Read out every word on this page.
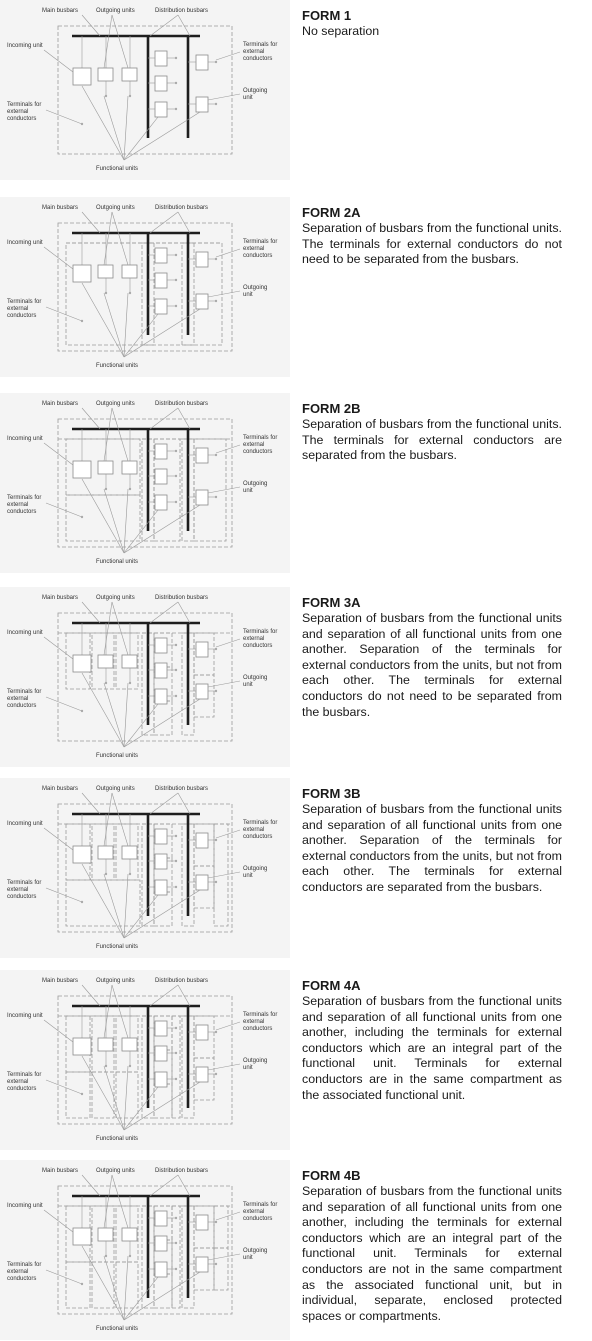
Main busbars	Outgoing units	Distribution busbars
Incoming unit	Terminals for
external
conductors
Outgoing
unit
Terminals for
external
conductors
Functional units

FORM 1

No separation

Main busbars	Outgoing units	Distribution busbars
Incoming unit	Terminals for
external
conductors
Outgoing
unit
Terminals for
external
conductors
Functional units

FORM 2A

Separation of busbars from the functional units. The terminals for external conductors do not need to be separated from the busbars.

Main busbars	Outgoing units	Distribution busbars
Incoming unit	Terminals for
external
conductors
Outgoing
unit
Terminals for
external
conductors
Functional units

FORM 2B

Separation of busbars from the functional units. The terminals for external conductors are separated from the busbars.

Main busbars	Outgoing units	Distribution busbars
Incoming unit	Terminals for
external
conductors
Outgoing
unit
Terminals for
external
conductors
Functional units

FORM 3A

Separation of busbars from the functional units and separation of all functional units from one another. Separation of the terminals for external conductors from the units, but not from each other. The terminals for external conductors do not need to be separated from the busbars.

Main busbars	Outgoing units	Distribution busbars
Incoming unit	Terminals for
external
conductors
Outgoing
unit
Terminals for
external
conductors
Functional units

FORM 3B

Separation of busbars from the functional units and separation of all functional units from one another. Separation of the terminals for external conductors from the units, but not from each other. The terminals for external conductors are separated from the busbars.

Main busbars	Outgoing units	Distribution busbars
Incoming unit	Terminals for
external
conductors
Outgoing
unit
Terminals for
external
conductors
Functional units

FORM 4A

Separation of busbars from the functional units and separation of all functional units from one another, including the terminals for external conductors which are an integral part of the functional unit. Terminals for external conductors are in the same compartment as the associated functional unit.

Main busbars	Outgoing units	Distribution busbars
Incoming unit	Terminals for
external
conductors
Outgoing
unit
Terminals for
external
conductors
Functional units

FORM 4B

Separation of busbars from the functional units and separation of all functional units from one another, including the terminals for external conductors which are an integral part of the functional unit. Terminals for external conductors are not in the same compartment as the associated functional unit, but in individual, separate, enclosed protected spaces or compartments.
